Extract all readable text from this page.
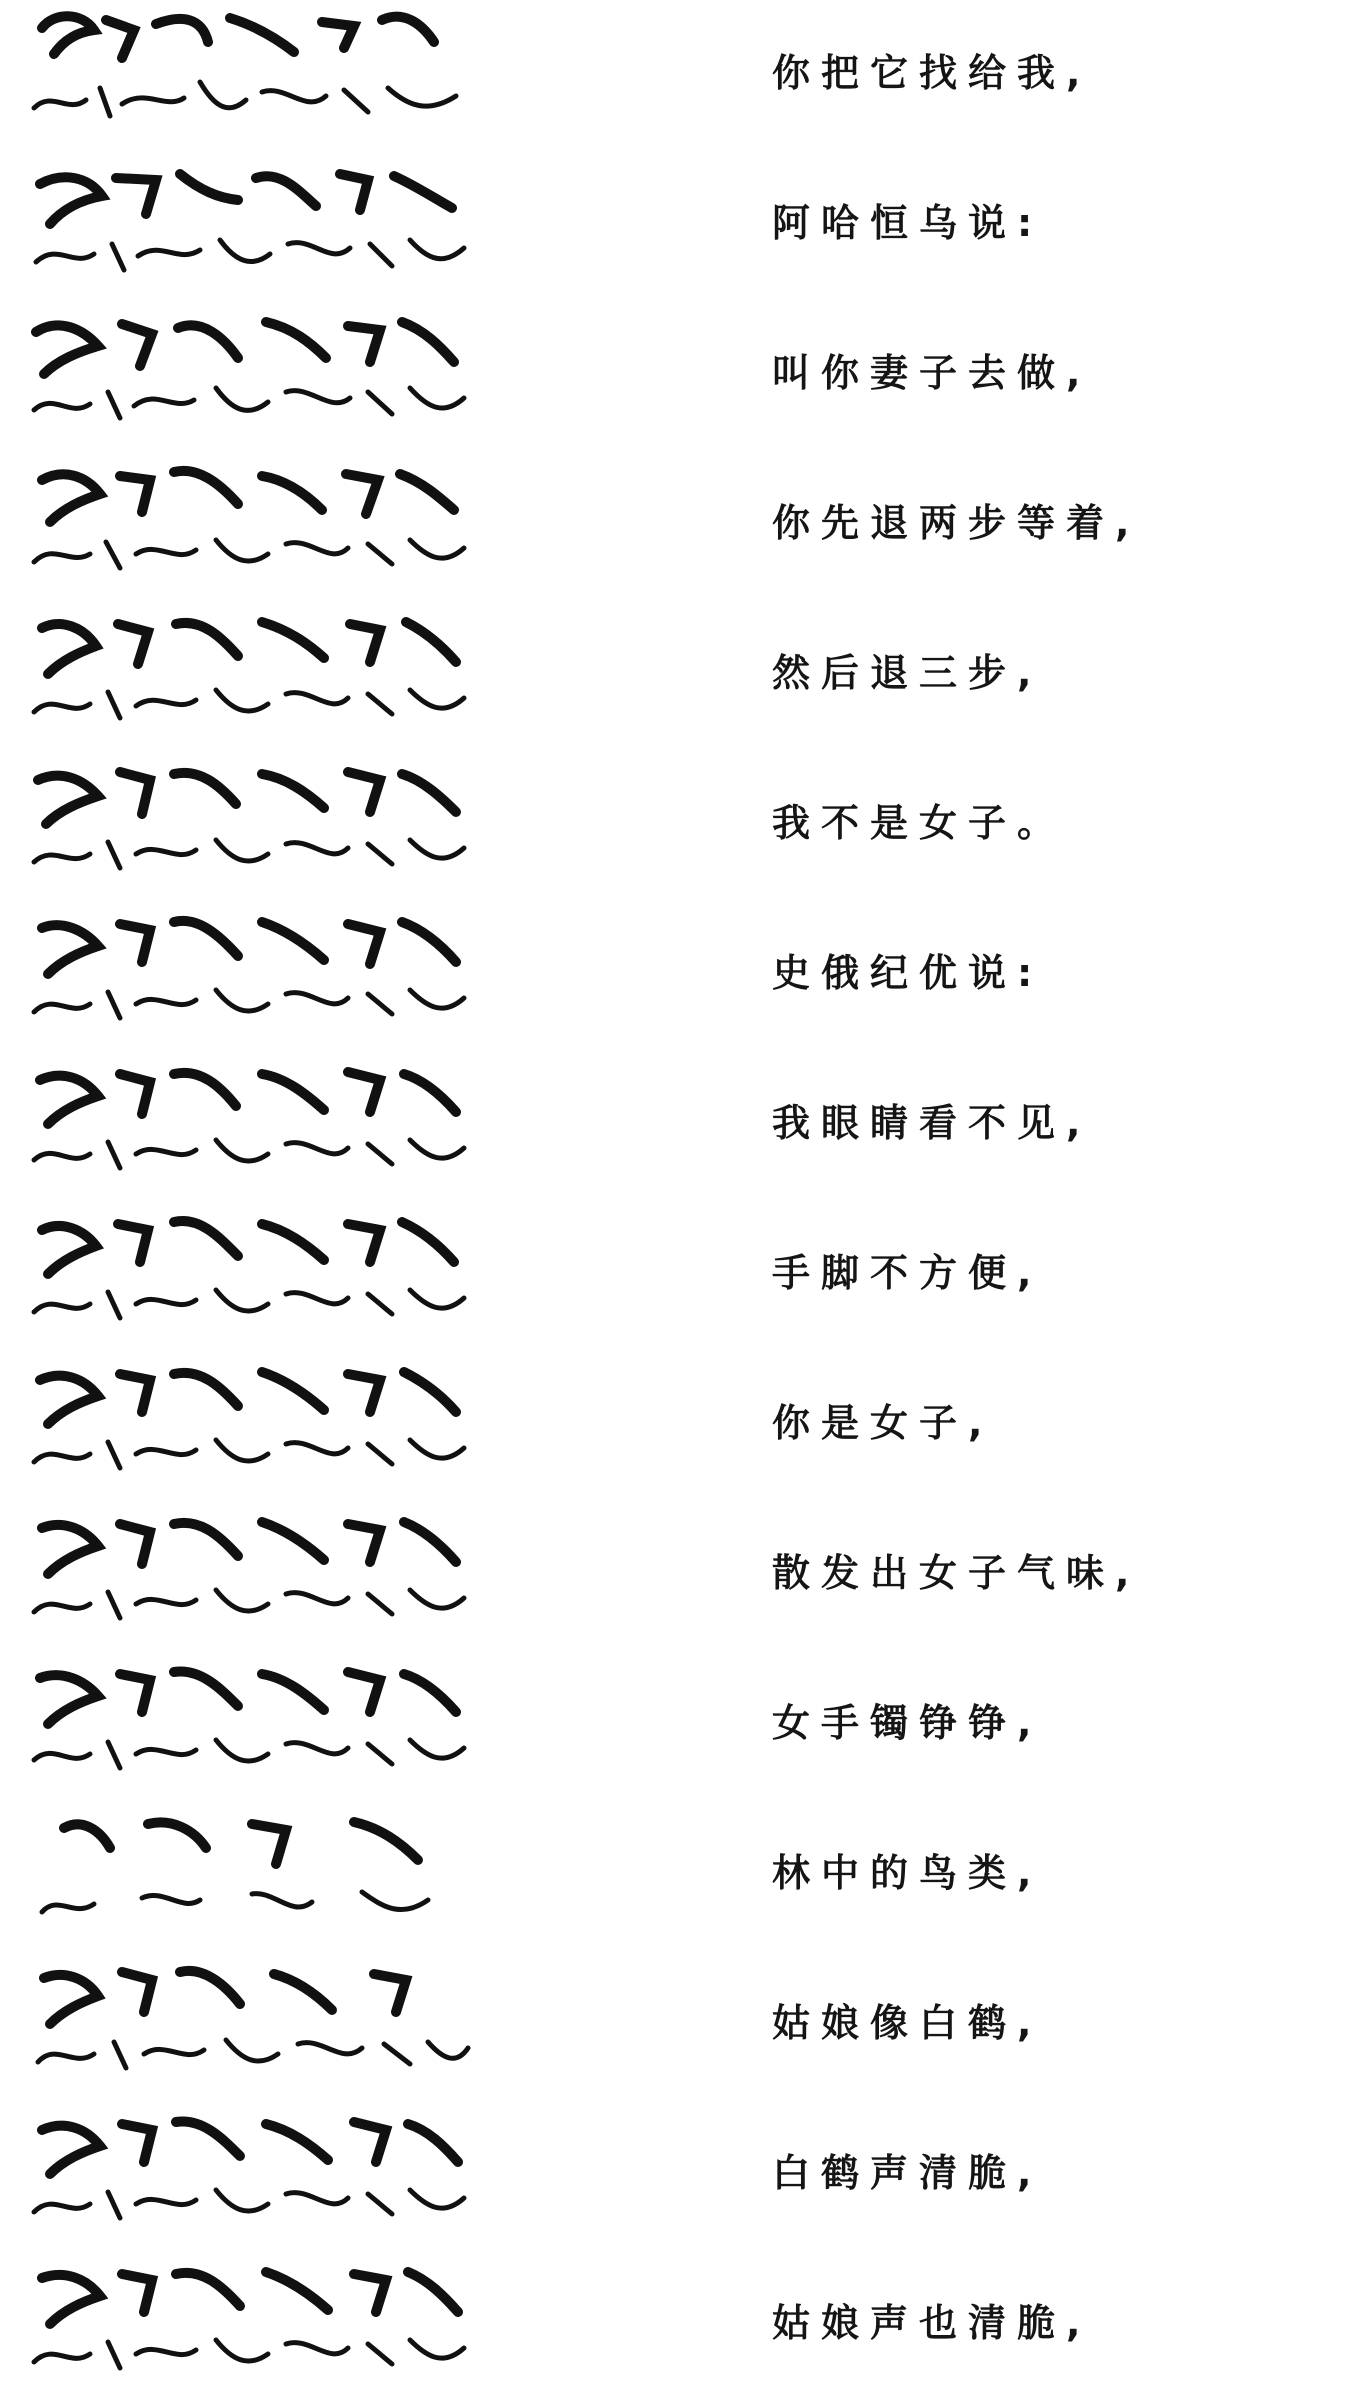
你把它找给我,
阿哈恒乌说:
叫你妻子去做,
你先退两步等着,
然后退三步,
我不是女子。
史俄纪优说:
我眼睛看不见,
手脚不方便,
你是女子,
散发出女子气味,
女手镯铮铮,
林中的鸟类,
姑娘像白鹤,
白鹤声清脆,
姑娘声也清脆,
